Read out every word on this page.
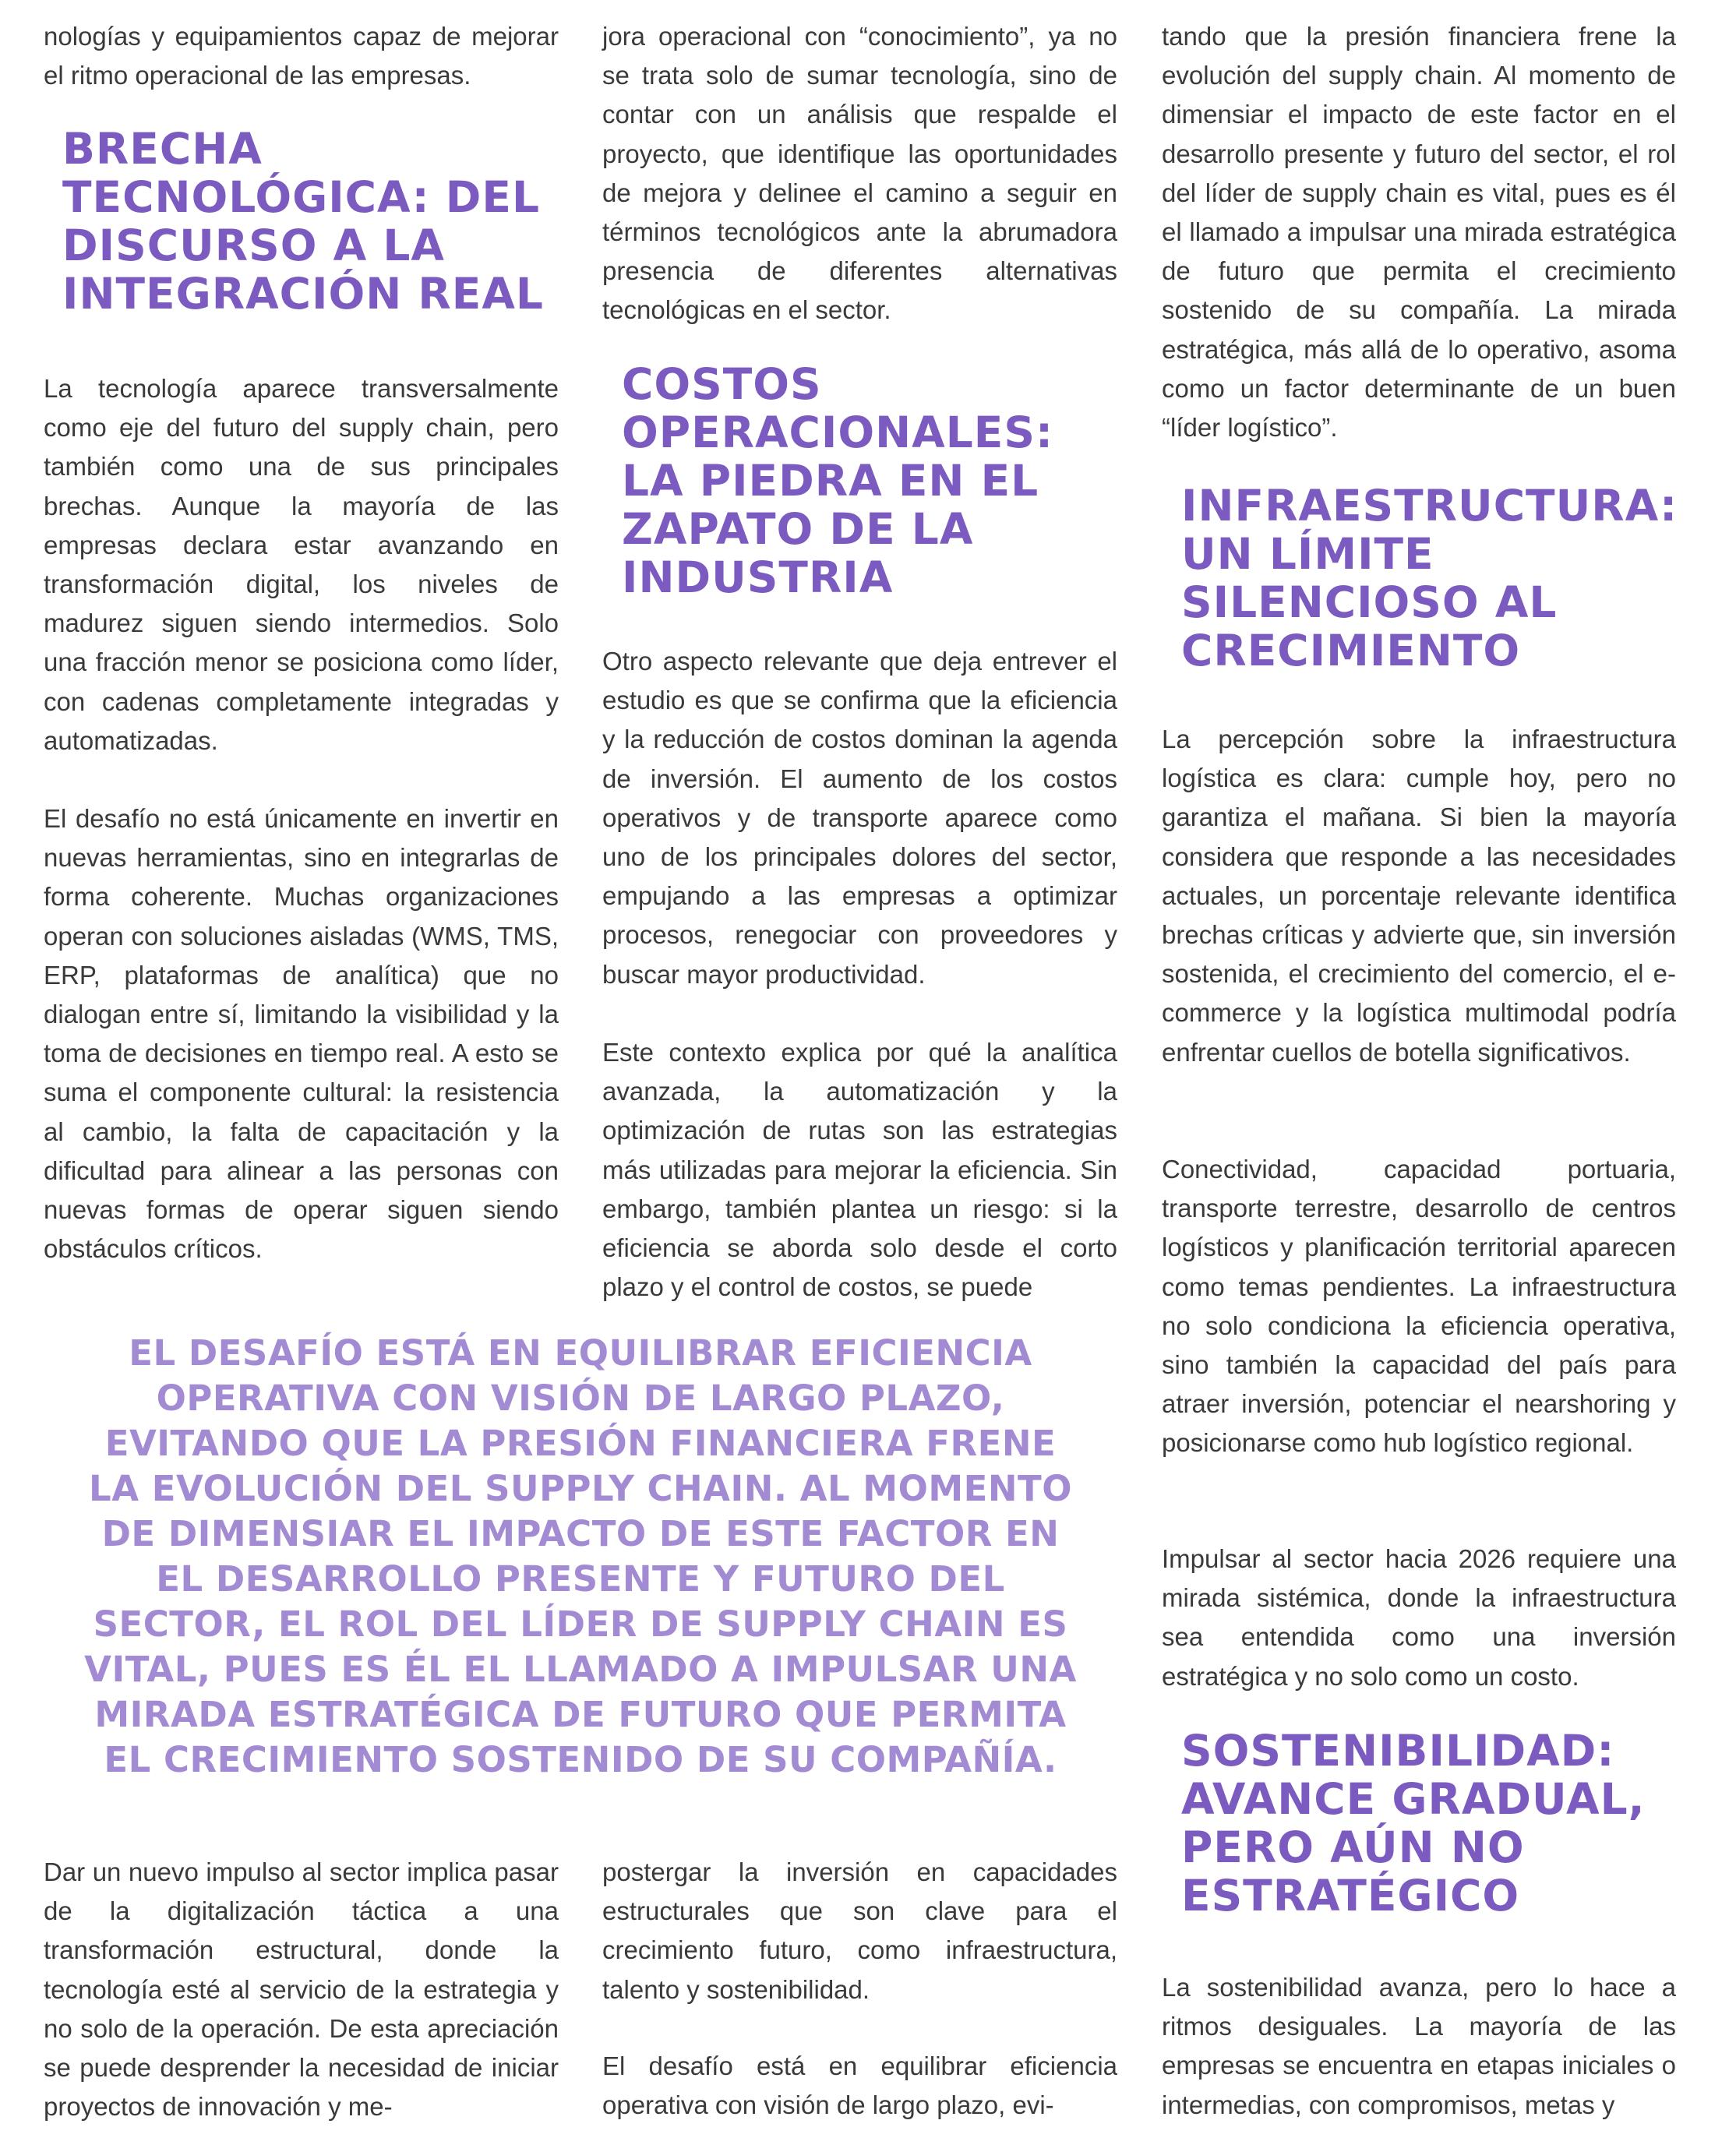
nologías y equipamientos capaz de mejorar el ritmo operacional de las empresas.

BRECHA TECNOLÓGICA: DEL DISCURSO A LA INTEGRACIÓN REAL

La tecnología aparece transversalmente como eje del futuro del supply chain, pero también como una de sus principales brechas. Aunque la mayoría de las empresas declara estar avanzando en transformación digital, los niveles de madurez siguen siendo intermedios. Solo una fracción menor se posiciona como líder, con cadenas completamente integradas y automatizadas.

El desafío no está únicamente en invertir en nuevas herramientas, sino en integrarlas de forma coherente. Muchas organizaciones operan con soluciones aisladas (WMS, TMS, ERP, plataformas de analítica) que no dialogan entre sí, limitando la visibilidad y la toma de decisiones en tiempo real. A esto se suma el componente cultural: la resistencia al cambio, la falta de capacitación y la dificultad para alinear a las personas con nuevas formas de operar siguen siendo obstáculos críticos.

Dar un nuevo impulso al sector implica pasar de la digitalización táctica a una transformación estructural, donde la tecnología esté al servicio de la estrategia y no solo de la operación. De esta apreciación se puede desprender la necesidad de iniciar proyectos de innovación y me-

jora operacional con “conocimiento”, ya no se trata solo de sumar tecnología, sino de contar con un análisis que respalde el proyecto, que identifique las oportunidades de mejora y delinee el camino a seguir en términos tecnológicos ante la abrumadora presencia de diferentes alternativas tecnológicas en el sector.

COSTOS OPERACIONALES: LA PIEDRA EN EL ZAPATO DE LA INDUSTRIA

Otro aspecto relevante que deja entrever el estudio es que se confirma que la eficiencia y la reducción de costos dominan la agenda de inversión. El aumento de los costos operativos y de transporte aparece como uno de los principales dolores del sector, empujando a las empresas a optimizar procesos, renegociar con proveedores y buscar mayor productividad.

Este contexto explica por qué la analítica avanzada, la automatización y la optimización de rutas son las estrategias más utilizadas para mejorar la eficiencia. Sin embargo, también plantea un riesgo: si la eficiencia se aborda solo desde el corto plazo y el control de costos, se puede

postergar la inversión en capacidades estructurales que son clave para el crecimiento futuro, como infraestructura, talento y sostenibilidad.

El desafío está en equilibrar eficiencia operativa con visión de largo plazo, evi-

tando que la presión financiera frene la evolución del supply chain. Al momento de dimensiar el impacto de este factor en el desarrollo presente y futuro del sector, el rol del líder de supply chain es vital, pues es él el llamado a impulsar una mirada estratégica de futuro que permita el crecimiento sostenido de su compañía. La mirada estratégica, más allá de lo operativo, asoma como un factor determinante de un buen “líder logístico”.

INFRAESTRUCTURA: UN LÍMITE SILENCIOSO AL CRECIMIENTO

La percepción sobre la infraestructura logística es clara: cumple hoy, pero no garantiza el mañana. Si bien la mayoría considera que responde a las necesidades actuales, un porcentaje relevante identifica brechas críticas y advierte que, sin inversión sostenida, el crecimiento del comercio, el e-commerce y la logística multimodal podría enfrentar cuellos de botella significativos.

Conectividad, capacidad portuaria, transporte terrestre, desarrollo de centros logísticos y planificación territorial aparecen como temas pendientes. La infraestructura no solo condiciona la eficiencia operativa, sino también la capacidad del país para atraer inversión, potenciar el nearshoring y posicionarse como hub logístico regional.

Impulsar al sector hacia 2026 requiere una mirada sistémica, donde la infraestructura sea entendida como una inversión estratégica y no solo como un costo.

SOSTENIBILIDAD: AVANCE GRADUAL, PERO AÚN NO ESTRATÉGICO

La sostenibilidad avanza, pero lo hace a ritmos desiguales. La mayoría de las empresas se encuentra en etapas iniciales o intermedias, con compromisos, metas y

EL DESAFÍO ESTÁ EN EQUILIBRAR EFICIENCIA OPERATIVA CON VISIÓN DE LARGO PLAZO, EVITANDO QUE LA PRESIÓN FINANCIERA FRENE LA EVOLUCIÓN DEL SUPPLY CHAIN. AL MOMENTO DE DIMENSIAR EL IMPACTO DE ESTE FACTOR EN EL DESARROLLO PRESENTE Y FUTURO DEL SECTOR, EL ROL DEL LÍDER DE SUPPLY CHAIN ES VITAL, PUES ES ÉL EL LLAMADO A IMPULSAR UNA MIRADA ESTRATÉGICA DE FUTURO QUE PERMITA EL CRECIMIENTO SOSTENIDO DE SU COMPAÑÍA.
